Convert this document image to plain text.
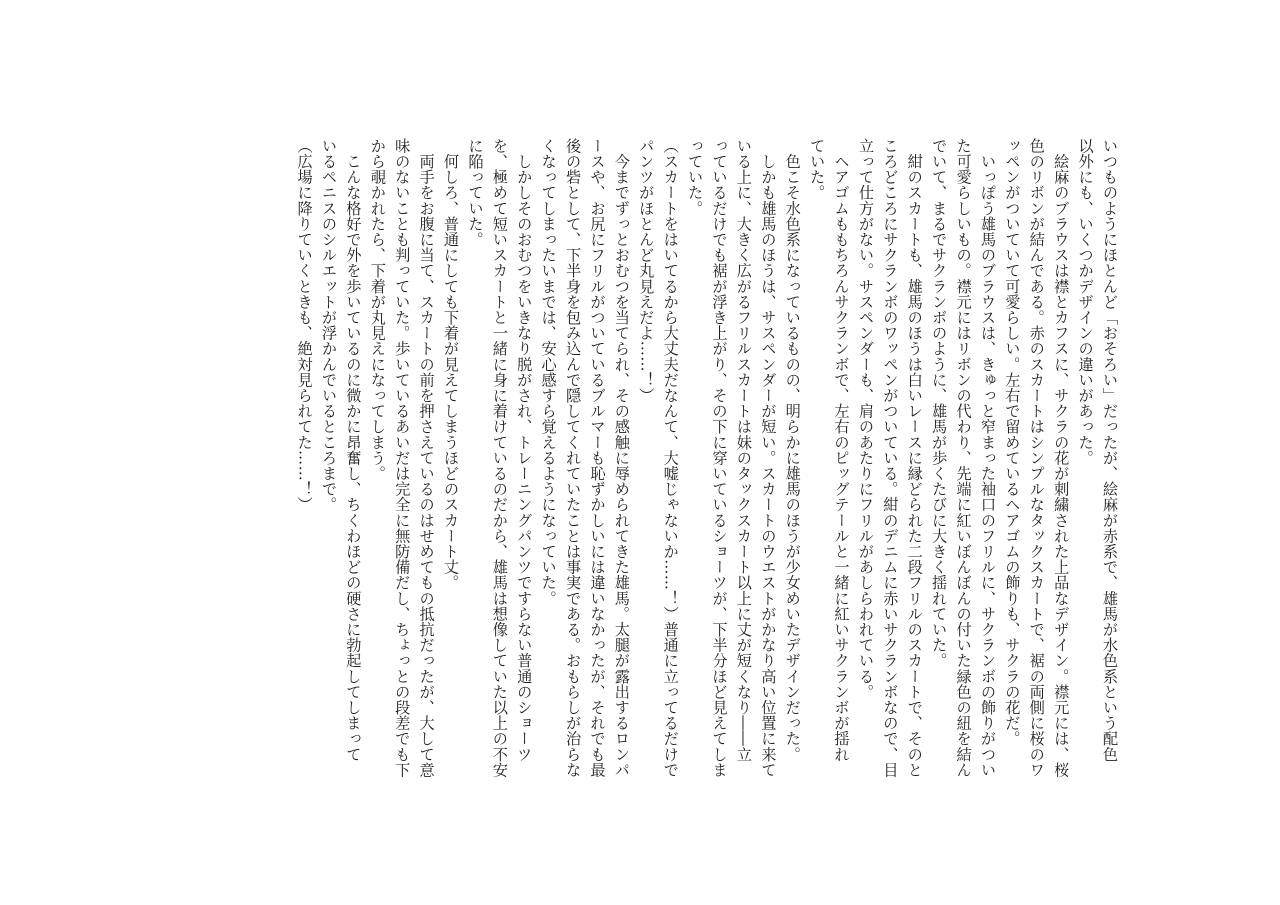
いつものようにほとんど「おそろい」だったが、絵麻が赤系で、雄馬が水色系という配色
以外にも、いくつかデザインの違いがあった。
　絵麻のブラウスは襟とカフスに、サクラの花が刺繍された上品なデザイン。襟元には、桜
色のリボンが結んである。赤のスカートはシンプルなタックスカートで、裾の両側に桜のワ
ッペンがついていて可愛らしい。左右で留めているヘアゴムの飾りも、サクラの花だ。
　いっぽう雄馬のブラウスは、きゅっと窄まった袖口のフリルに、サクランボの飾りがつい
た可愛らしいもの。襟元にはリボンの代わり、先端に紅いぼんぼんの付いた緑色の紐を結ん
でいて、まるでサクランボのように、雄馬が歩くたびに大きく揺れていた。
　紺のスカートも、雄馬のほうは白いレースに縁どられた二段フリルのスカートで、そのと
ころどころにサクランボのワッペンがついている。紺のデニムに赤いサクランボなので、目
立って仕方がない。サスペンダーも、肩のあたりにフリルがあしらわれている。
　ヘアゴムももちろんサクランボで、左右のピッグテールと一緒に紅いサクランボが揺れ
ていた。
　色こそ水色系になっているものの、明らかに雄馬のほうが少女めいたデザインだった。
　しかも雄馬のほうは、サスペンダーが短い。スカートのウエストがかなり高い位置に来て
いる上に、大きく広がるフリルスカートは妹のタックスカート以上に丈が短くなり――立
っているだけでも裾が浮き上がり、その下に穿いているショーツが、下半分ほど見えてしま
っていた。
（スカートをはいてるから大丈夫だなんて、大嘘じゃないか……！）普通に立ってるだけで
パンツがほとんど丸見えだよ……！）
　今までずっとおむつを当てられ、その感触に辱められてきた雄馬。太腿が露出するロンパ
ースや、お尻にフリルがついているブルマーも恥ずかしいには違いなかったが、それでも最
後の砦として、下半身を包み込んで隠してくれていたことは事実である。おもらしが治らな
くなってしまったいまでは、安心感すら覚えるようになっていた。
　しかしそのおむつをいきなり脱がされ、トレーニングパンツですらない普通のショーツ
を、極めて短いスカートと一緒に身に着けているのだから、雄馬は想像していた以上の不安
に陥っていた。
　何しろ、普通にしても下着が見えてしまうほどのスカート丈。
　両手をお腹に当て、スカートの前を押さえているのはせめてもの抵抗だったが、大して意
味のないことも判っていた。歩いているあいだは完全に無防備だし、ちょっとの段差でも下
から覗かれたら、下着が丸見えになってしまう。
　こんな格好で外を歩いているのに微かに昂奮し、ちくわほどの硬さに勃起してしまって
いるペニスのシルエットが浮かんでいるところまで。
（広場に降りていくときも、絶対見られてた……！）
